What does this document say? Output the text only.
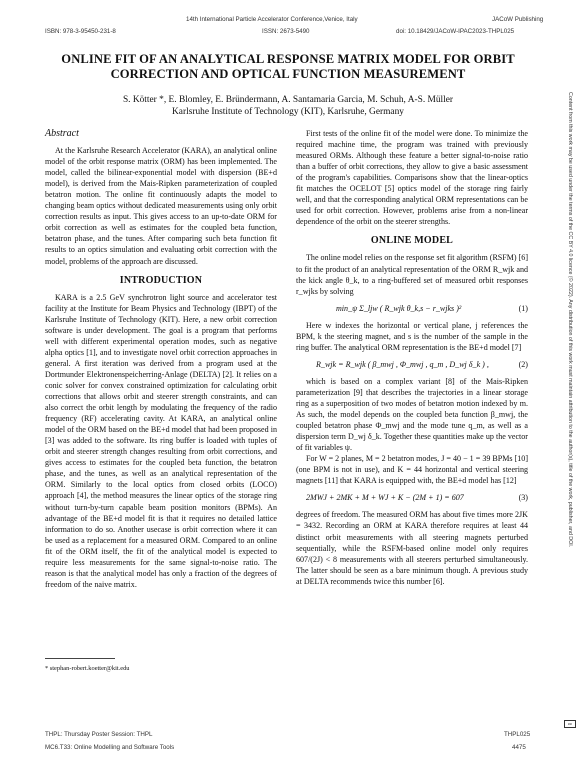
14th International Particle Accelerator Conference,Venice, Italy	JACoW Publishing
ISBN: 978-3-95450-231-8	ISSN: 2673-5490	doi: 10.18429/JACoW-IPAC2023-THPL025
ONLINE FIT OF AN ANALYTICAL RESPONSE MATRIX MODEL FOR ORBIT CORRECTION AND OPTICAL FUNCTION MEASUREMENT
S. Kötter *, E. Blomley, E. Bründermann, A. Santamaria Garcia, M. Schuh, A-S. Müller
Karlsruhe Institute of Technology (KIT), Karlsruhe, Germany
Abstract

At the Karlsruhe Research Accelerator (KARA), an analytical online model of the orbit response matrix (ORM) has been implemented. The model, called the bilinear-exponential model with dispersion (BE+d model), is derived from the Mais-Ripken parameterization of coupled betatron motion. The online fit continuously adapts the model to changing beam optics without dedicated measurements using only orbit correction results as input. This gives access to an up-to-date ORM for orbit correction as well as estimates for the coupled beta function, betatron phase, and the tunes. After comparing such beta function fit results to an optics simulation and evaluating orbit correction with the model, problems of the approach are discussed.

INTRODUCTION

KARA is a 2.5 GeV synchrotron light source and accelerator test facility at the Institute for Beam Physics and Technology (IBPT) of the Karlsruhe Institute of Technology (KIT). Here, a new orbit correction software is under development. The goal is a program that performs well with different experimental operation modes, such as negative alpha optics [1], and to investigate novel orbit correction approaches in general. A first iteration was derived from a program used at the Dortmunder Elektronenspeicherring-Anlage (DELTA) [2]. It relies on a conic solver for convex constrained optimization for calculating orbit corrections that allows orbit and steerer strength constraints, and can also correct the orbit length by modulating the frequency of the radio frequency (RF) accelerating cavity. At KARA, an analytical online model of the ORM based on the BE+d model that had been proposed in [3] was added to the software. Its ring buffer is loaded with tuples of orbit and steerer strength changes resulting from orbit corrections, and gives access to estimates for the coupled beta function, the betatron phase, and the tunes, as well as an analytical representation of the ORM. Similarly to the local optics from closed orbits (LOCO) approach [4], the method measures the linear optics of the storage ring without turn-by-turn capable beam position monitors (BPMs). An advantage of the BE+d model fit is that it requires no detailed lattice information to do so. Another usecase is orbit correction where it can be used as a replacement for a measured ORM. Compared to an online fit of the ORM itself, the fit of the analytical model is expected to require less measurements for the same signal-to-noise ratio. The reason is that the analytical model has only a fraction of the degrees of freedom of the naive matrix.

* stephan-robert.koetter@kit.edu

First tests of the online fit of the model were done. To minimize the required machine time, the program was trained with previously measured ORMs. Although these feature a better signal-to-noise ratio than a buffer of orbit corrections, they allow to give a basic assessment of the program's capabilities. Comparisons show that the linear-optics fit matches the OCELOT [5] optics model of the storage ring fairly well, and that the corresponding analytical ORM representations can be used for orbit correction. However, problems arise from a non-linear dependence of the orbit on the steerer strengths.

ONLINE MODEL

The online model relies on the response set fit algorithm (RSFM) [6] to fit the product of an analytical representation of the ORM R_wjk and the kick angle θ_k, to a ring-buffered set of measured orbit responses r_wjks by solving

min_ψ Σ_ljw ( R_wjk θ_k,s − r_wjks )²	(1)

Here w indexes the horizontal or vertical plane, j references the BPM, k the steering magnet, and s is the number of the sample in the ring buffer. The analytical ORM representation is the BE+d model [7]

R_wjk = R_wjk ( β_mwj , Φ_mwj , q_m , D_wj δ_k ) ,	(2)

which is based on a complex variant [8] of the Mais-Ripken parameterization [9] that describes the trajectories in a linear storage ring as a superposition of two modes of betatron motion indexed by m. As such, the model depends on the coupled beta function β_mwj, the coupled betatron phase Φ_mwj and the mode tune q_m, as well as a dispersion term D_wj δ_k. Together these quantities make up the vector of fit variables ψ.

For W = 2 planes, M = 2 betatron modes, J = 40 − 1 = 39 BPMs [10] (one BPM is not in use), and K = 44 horizontal and vertical steering magnets [11] that KARA is equipped with, the BE+d model has [12]

2MWJ + 2MK + M + WJ + K − (2M + 1) = 607	(3)

degrees of freedom. The measured ORM has about five times more 2JK = 3432. Recording an ORM at KARA therefore requires at least 44 distinct orbit measurements with all steering magnets perturbed sequentially, while the RSFM-based online model only requires 607/(2J) < 8 measurements with all steerers perturbed simultaneously. The latter should be seen as a bare minimum though. A previous study at DELTA recommends twice this number [6].

THPL: Thursday Poster Session: THPL
MC6.T33: Online Modelling and Software Tools
THPL025
4475
Content from this work may be used under the terms of the CC BY 4.0 licence (© 2022). Any distribution of this work must maintain attribution to the author(s), title of the work, publisher, and DOI.
cc
